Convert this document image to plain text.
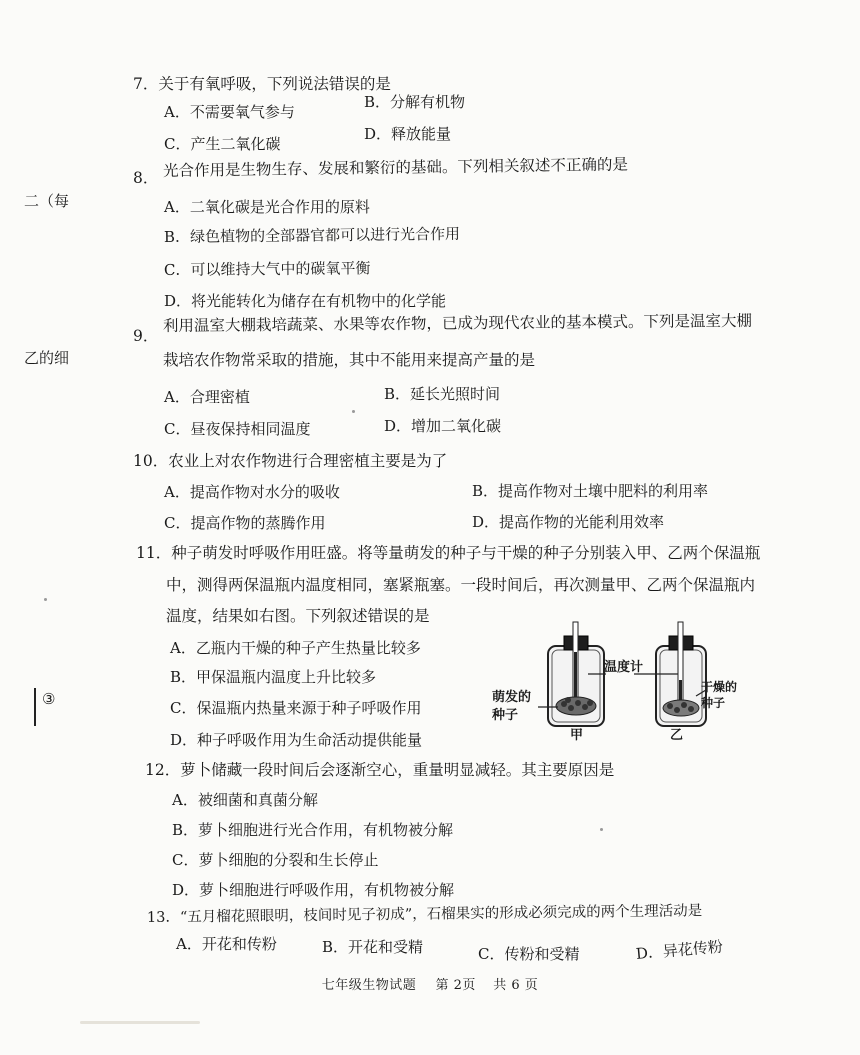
二（每
乙的细
③
7．关于有氧呼吸，下列说法错误的是
A．不需要氧气参与
B．分解有机物
C．产生二氧化碳
D．释放能量
8． 光合作用是生物生存、发展和繁衍的基础。下列相关叙述不正确的是
A．二氧化碳是光合作用的原料
B．绿色植物的全部器官都可以进行光合作用
C．可以维持大气中的碳氧平衡
D．将光能转化为储存在有机物中的化学能
9．
利用温室大棚栽培蔬菜、水果等农作物，已成为现代农业的基本模式。下列是温室大棚
栽培农作物常采取的措施，其中不能用来提高产量的是
A．合理密植	B．延长光照时间
C．昼夜保持相同温度	D．增加二氧化碳
10．农业上对农作物进行合理密植主要是为了
A．提高作物对水分的吸收	B．提高作物对土壤中肥料的利用率
C．提高作物的蒸腾作用	D．提高作物的光能利用效率
11．种子萌发时呼吸作用旺盛。将等量萌发的种子与干燥的种子分别装入甲、乙两个保温瓶
中，测得两保温瓶内温度相同，塞紧瓶塞。一段时间后，再次测量甲、乙两个保温瓶内
温度，结果如右图。下列叙述错误的是
A．乙瓶内干燥的种子产生热量比较多
B．甲保温瓶内温度上升比较多
C．保温瓶内热量来源于种子呼吸作用
D．种子呼吸作用为生命活动提供能量
温度计
萌发的
种子
干燥的
种子
甲	乙
12．萝卜储藏一段时间后会逐渐空心，重量明显减轻。其主要原因是
A．被细菌和真菌分解
B．萝卜细胞进行光合作用，有机物被分解
C．萝卜细胞的分裂和生长停止
D．萝卜细胞进行呼吸作用，有机物被分解
13．“五月榴花照眼明，枝间时见子初成”，石榴果实的形成必须完成的两个生理活动是
A．开花和传粉	B．开花和受精	C．传粉和受精	D．异花传粉
七年级生物试题 第 2页 共 6 页
